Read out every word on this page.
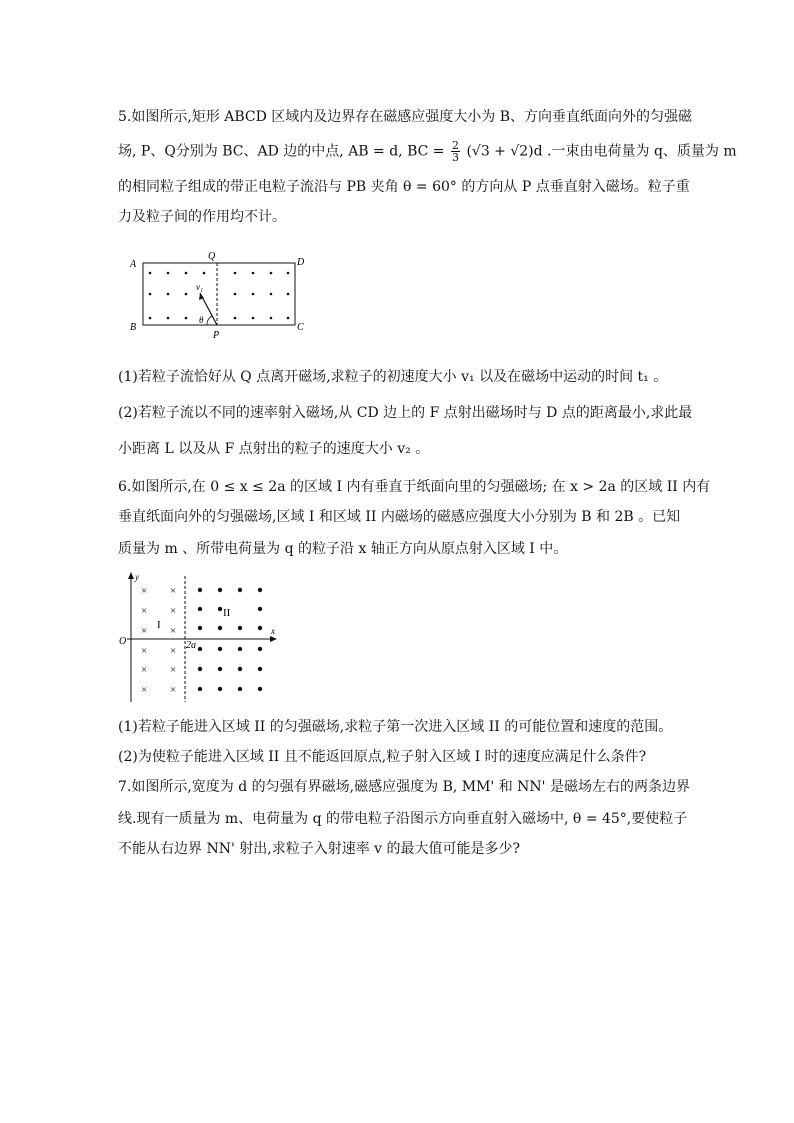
5.如图所示,矩形 ABCD 区域内及边界存在磁感应强度大小为 B、方向垂直纸面向外的匀强磁
场, P、Q分别为 BC、AD 边的中点, AB = d, BC = $\frac{2}{3} (√3 + √2)d$ .一束由电荷量为 q、质量为 m
的相同粒子组成的带正电粒子流沿与 PB 夹角 θ = 60° 的方向从 P 点垂直射入磁场。粒子重
力及粒子间的作用均不计。
A
B	C
D
Q
P
v₁
θ
(1)若粒子流恰好从 Q 点离开磁场,求粒子的初速度大小 v₁ 以及在磁场中运动的时间 t₁ 。
(2)若粒子流以不同的速率射入磁场,从 CD 边上的 F 点射出磁场时与 D 点的距离最小,求此最
小距离 L 以及从 F 点射出的粒子的速度大小 v₂ 。
6.如图所示,在 0 ≤ x ≤ 2a 的区域 I 内有垂直于纸面向里的匀强磁场; 在 x > 2a 的区域 II 内有
垂直纸面向外的匀强磁场,区域 I 和区域 II 内磁场的磁感应强度大小分别为 B 和 2B 。已知
质量为 m 、所带电荷量为 q 的粒子沿 x 轴正方向从原点射入区域 I 中。
× ×
× ×
× ×
× ×
× ×
× ×
y
x
O	2a
I
II
(1)若粒子能进入区域 II 的匀强磁场,求粒子第一次进入区域 II 的可能位置和速度的范围。
(2)为使粒子能进入区域 II 且不能返回原点,粒子射入区域 I 时的速度应满足什么条件?
7.如图所示,宽度为 d 的匀强有界磁场,磁感应强度为 B, MM' 和 NN' 是磁场左右的两条边界
线.现有一质量为 m、电荷量为 q 的带电粒子沿图示方向垂直射入磁场中, θ = 45°,要使粒子
不能从右边界 NN' 射出,求粒子入射速率 v 的最大值可能是多少?
